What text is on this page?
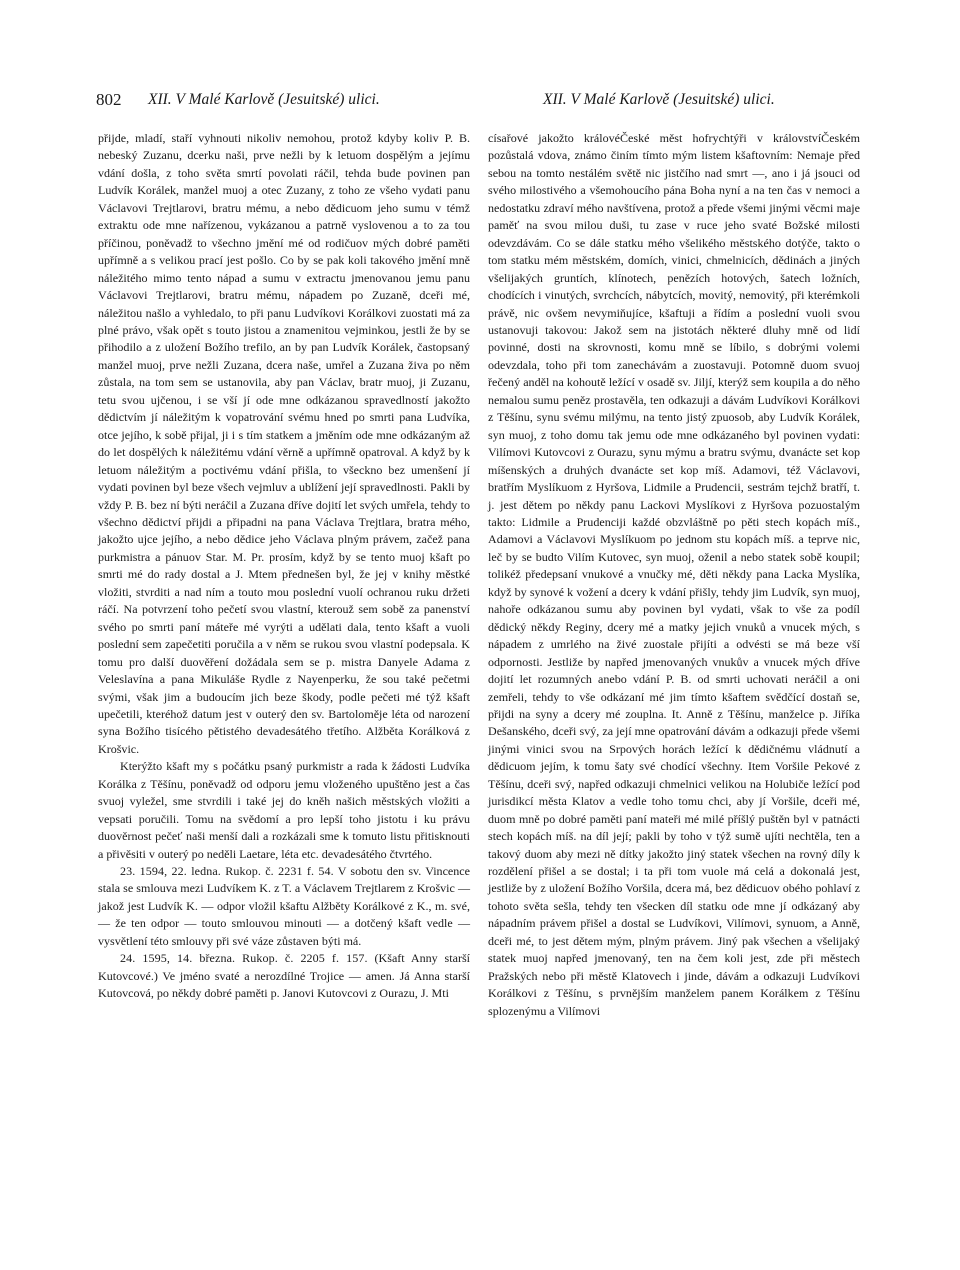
802 XII. V Malé Karlově (Jesuitské) ulici.	XII. V Malé Karlově (Jesuitské) ulici.

přijde, mladí, staří vyhnouti nikoliv nemohou, protož kdyby koliv P. B. nebeský Zuzanu, dcerku naši, prve nežli by k letuom dospělým a jejímu vdání došla, z toho světa smrtí povolati ráčil, tehda bude povinen pan Ludvík Korálek, manžel muoj a otec Zuzany, z toho ze všeho vydati panu Václavovi Trejtlarovi, bratru mému, a nebo dědicuom jeho sumu v témž extraktu ode mne nařízenou, vykázanou a patrně vyslovenou a to za tou příčinou, poněvadž to všechno jmění mé od rodičuov mých dobré paměti upřímně a s velikou prací jest pošlo. Co by se pak koli takového jmění mně náležitého mimo tento nápad a sumu v extractu jmenovanou jemu panu Václavovi Trejtlarovi, bratru mému, nápadem po Zuzaně, dceři mé, náležitou našlo a vyhledalo, to při panu Ludvíkovi Korálkovi zuostati má za plné právo, však opět s touto jistou a znamenitou vejminkou, jestli že by se přihodilo a z uložení Božího trefilo, an by pan Ludvík Korálek, častopsaný manžel muoj, prve nežli Zuzana, dcera naše, umřel a Zuzana živa po něm zůstala, na tom sem se ustanovila, aby pan Václav, bratr muoj, ji Zuzanu, tetu svou ujčenou, i se vší jí ode mne odkázanou spravedlností jakožto dědictvím jí náležitým k vopatrování svému hned po smrti pana Ludvíka, otce jejího, k sobě přijal, ji i s tím statkem a jměním ode mne odkázaným až do let dospělých k náležitému vdání věrně a upřímně opatroval. A když by k letuom náležitým a poctivému vdání přišla, to všeckno bez umenšení jí vydati povinen byl beze všech vejmluv a ublížení její spravedlnosti. Pakli by vždy P. B. bez ní býti neráčil a Zuzana dříve dojití let svých umřela, tehdy to všechno dědictví přijdi a připadni na pana Václava Trejtlara, bratra mého, jakožto ujce jejího, a nebo dědice jeho Václava plným právem, začež pana purkmistra a pánuov Star. M. Pr. prosím, když by se tento muoj kšaft po smrti mé do rady dostal a J. Mtem přednešen byl, že jej v knihy městké vložiti, stvrditi a nad ním a touto mou poslední vuolí ochranou ruku držeti ráčí. Na potvrzení toho pečetí svou vlastní, kterouž sem sobě za panenství svého po smrti paní máteře mé vyrýti a udělati dala, tento kšaft a vuoli poslední sem zapečetiti poručila a v něm se rukou svou vlastní podepsala. K tomu pro další duověření dožádala sem se p. mistra Danyele Adama z Veleslavína a pana Mikuláše Rydle z Nayenperku, že sou také pečetmi svými, však jim a budoucím jich beze škody, podle pečeti mé týž kšaft upečetili, kteréhož datum jest v outerý den sv. Bartoloměje léta od narození syna Božího tisícého pětistého devadesátého třetího. Alžběta Korálková z Krošvic.

Kterýžto kšaft my s počátku psaný purkmistr a rada k žádosti Ludvíka Korálka z Těšínu, poněvadž od odporu jemu vloženého upuštěno jest a čas svuoj vyležel, sme stvrdili i také jej do kněh našich městských vložiti a vepsati poručili. Tomu na svědomí a pro lepší toho jistotu i ku právu duověrnost pečeť naši menší dali a rozkázali sme k tomuto listu přitisknouti a přivěsiti v outerý po neděli Laetare, léta etc. devadesátého čtvrtého.

23. 1594, 22. ledna. Rukop. č. 2231 f. 54. V sobotu den sv. Vincence stala se smlouva mezi Ludvíkem K. z T. a Václavem Trejtlarem z Krošvic — jakož jest Ludvík K. — odpor vložil kšaftu Alžběty Korálkové z K., m. své, — že ten odpor — touto smlouvou minouti — a dotčený kšaft vedle — vysvětlení této smlouvy při své váze zůstaven býti má.

24. 1595, 14. března. Rukop. č. 2205 f. 157. (Kšaft Anny starší Kutovcové.) Ve jméno svaté a nerozdílné Trojice — amen. Já Anna starší Kutovcová, po někdy dobré paměti p. Janovi Kutovcovi z Ourazu, J. Mti

císařové jakožto královéČeské měst hofrychtýři v královstvíČeském pozůstalá vdova, známo činím tímto mým listem kšaftovním: Nemaje před sebou na tomto nestálém světě nic jistčího nad smrt —, ano i já jsouci od svého milostivého a všemohoucího pána Boha nyní a na ten čas v nemoci a nedostatku zdraví mého navštívena, protož a přede všemi jinými věcmi maje paměť na svou milou duši, tu zase v ruce jeho svaté Božské milosti odevzdávám. Co se dále statku mého všelikého městského dotýče, takto o tom statku mém městském, domích, vinici, chmelnicích, dědinách a jiných všelijakých gruntích, klínotech, penězích hotových, šatech ložních, chodících i vinutých, svrchcích, nábytcích, movitý, nemovitý, při kterémkoli právě, nic ovšem nevymiňujíce, kšaftuji a řídím a poslední vuoli svou ustanovuji takovou: Jakož sem na jistotách některé dluhy mně od lidí povinné, dosti na skrovnosti, komu mně se líbilo, s dobrými volemi odevzdala, toho při tom zanechávám a zuostavuji. Potomně duom svuoj řečený anděl na kohoutě ležící v osadě sv. Jiljí, kterýž sem koupila a do něho nemalou sumu peněz prostavěla, ten odkazuji a dávám Ludvíkovi Korálkovi z Těšínu, synu svému milýmu, na tento jistý zpuosob, aby Ludvík Korálek, syn muoj, z toho domu tak jemu ode mne odkázaného byl povinen vydati: Vilímovi Kutovcovi z Ourazu, synu mýmu a bratru svýmu, dvanácte set kop míšenských a druhých dvanácte set kop míš. Adamovi, též Václavovi, bratřím Myslíkuom z Hyršova, Lidmile a Prudencii, sestrám tejchž bratří, t. j. jest dětem po někdy panu Lackovi Myslíkovi z Hyršova pozuostalým takto: Lidmile a Prudenciji každé obzvláštně po pěti stech kopách míš., Adamovi a Václavovi Myslíkuom po jednom stu kopách míš. a teprve nic, leč by se budto Vilím Kutovec, syn muoj, oženil a nebo statek sobě koupil; tolikéž předepsaní vnukové a vnučky mé, děti někdy pana Lacka Myslíka, když by synové k vožení a dcery k vdání přišly, tehdy jim Ludvík, syn muoj, nahoře odkázanou sumu aby povinen byl vydati, však to vše za podíl dědický někdy Reginy, dcery mé a matky jejich vnuků a vnucek mých, s nápadem z umrlého na živé zuostale přijíti a odvésti se má beze vší odpornosti. Jestliže by napřed jmenovaných vnukův a vnucek mých dříve dojití let rozumných anebo vdání P. B. od smrti uchovati neráčil a oni zemřeli, tehdy to vše odkázaní mé jim tímto kšaftem svědčící dostaň se, přijdi na syny a dcery mé zouplna. It. Anně z Těšínu, manželce p. Jiříka Dešanského, dceři svý, za její mne opatrování dávám a odkazuji přede všemi jinými vinici svou na Srpových horách ležící k dědičnému vládnutí a dědicuom jejím, k tomu šaty své chodící všechny. Item Voršile Pekové z Těšínu, dceři svý, napřed odkazuji chmelnici velikou na Holubiče ležící pod jurisdikcí města Klatov a vedle toho tomu chci, aby jí Voršile, dceři mé, duom mně po dobré paměti paní mateři mé milé příšlý puštěn byl v patnácti stech kopách míš. na díl její; pakli by toho v týž sumě ujíti nechtěla, ten a takový duom aby mezi ně dítky jakožto jiný statek všechen na rovný díly k rozdělení přišel a se dostal; i ta při tom vuole má celá a dokonalá jest, jestliže by z uložení Božího Voršila, dcera má, bez dědicuov obého pohlaví z tohoto světa sešla, tehdy ten všecken díl statku ode mne jí odkázaný aby nápadním právem přišel a dostal se Ludvíkovi, Vilímovi, synuom, a Anně, dceři mé, to jest dětem mým, plným právem. Jiný pak všechen a všelijaký statek muoj napřed jmenovaný, ten na čem koli jest, zde při městech Pražských nebo při městě Klatovech i jinde, dávám a odkazuji Ludvíkovi Korálkovi z Těšínu, s prvnějším manželem panem Korálkem z Těšínu splozenýmu a Vilímovi
